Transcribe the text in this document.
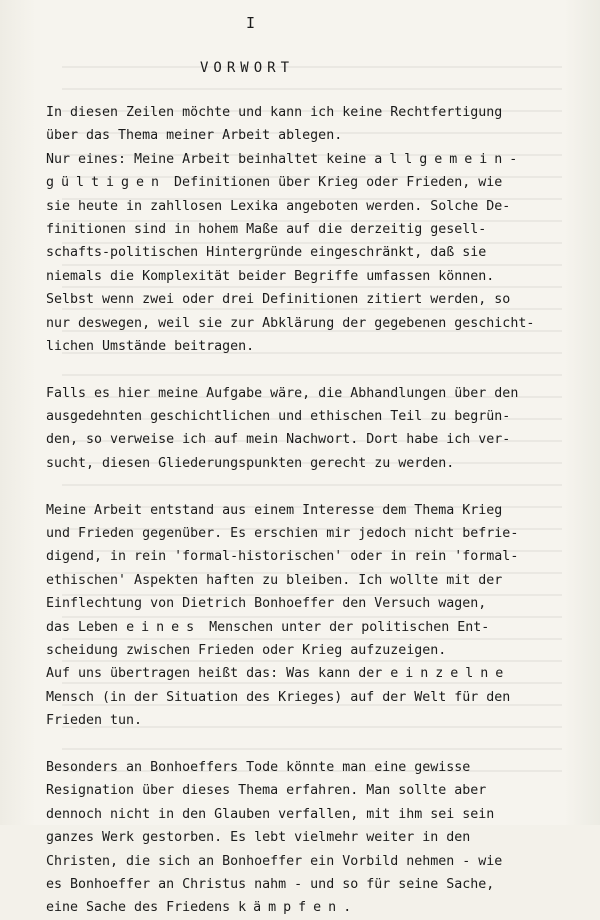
I
VORWORT
In diesen Zeilen möchte und kann ich keine Rechtfertigung
über das Thema meiner Arbeit ablegen.
Nur eines: Meine Arbeit beinhaltet keine allgemein-
gültigen Definitionen über Krieg oder Frieden, wie
sie heute in zahllosen Lexika angeboten werden. Solche De-
finitionen sind in hohem Maße auf die derzeitig gesell-
schafts-politischen Hintergründe eingeschränkt, daß sie
niemals die Komplexität beider Begriffe umfassen können.
Selbst wenn zwei oder drei Definitionen zitiert werden, so
nur deswegen, weil sie zur Abklärung der gegebenen geschicht-
lichen Umstände beitragen.
Falls es hier meine Aufgabe wäre, die Abhandlungen über den
ausgedehnten geschichtlichen und ethischen Teil zu begrün-
den, so verweise ich auf mein Nachwort. Dort habe ich ver-
sucht, diesen Gliederungspunkten gerecht zu werden.
Meine Arbeit entstand aus einem Interesse dem Thema Krieg
und Frieden gegenüber. Es erschien mir jedoch nicht befrie-
digend, in rein 'formal-historischen' oder in rein 'formal-
ethischen' Aspekten haften zu bleiben. Ich wollte mit der
Einflechtung von Dietrich Bonhoeffer den Versuch wagen,
das Leben eines Menschen unter der politischen Ent-
scheidung zwischen Frieden oder Krieg aufzuzeigen.
Auf uns übertragen heißt das: Was kann der einzelne
Mensch (in der Situation des Krieges) auf der Welt für den
Frieden tun.
Besonders an Bonhoeffers Tode könnte man eine gewisse
Resignation über dieses Thema erfahren. Man sollte aber
dennoch nicht in den Glauben verfallen, mit ihm sei sein
ganzes Werk gestorben. Es lebt vielmehr weiter in den
Christen, die sich an Bonhoeffer ein Vorbild nehmen - wie
es Bonhoeffer an Christus nahm - und so für seine Sache,
eine Sache des Friedens kämpfen.
